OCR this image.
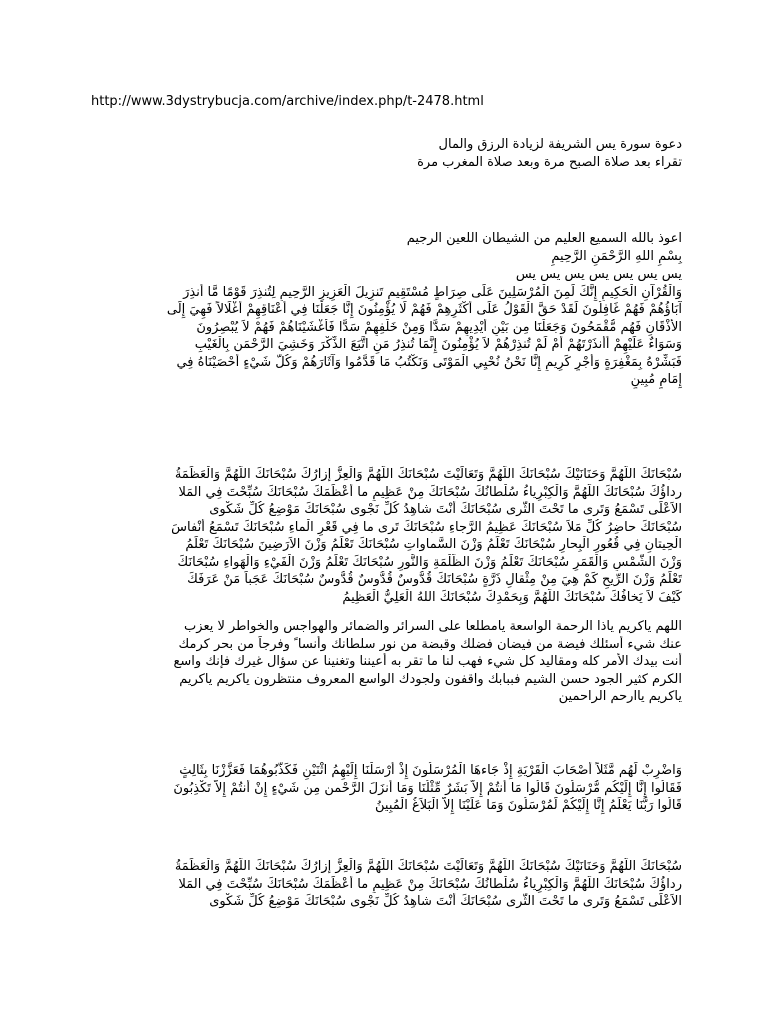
http://www.3dystrybucja.com/archive/index.php/t-2478.html

دعوة سورة يس الشريفة لزيادة الرزق والمال

تقراء بعد صلاة الصبح مرة وبعد صلاة المغرب مرة

اعوذ بالله السميع العليم من الشيطان اللعين الرجيم

بِسْمِ اللهِ الرَّحْمَنِ الرَّحِيمِ

يس يس يس يس يس يس يس

وَالْقُرْآنِ الْحَكِيمِ إِنَّكَ لَمِنَ الْمُرْسَلِينَ عَلَى صِرَاطٍ مُسْتَقِيمٍ تَنزِيلَ الْعَزِيزِ الرَّحِيمِ لِتُنذِرَ قَوْمًا مَّا أُنذِرَ

آبَاؤُهُمْ فَهُمْ غَافِلُونَ لَقَدْ حَقَّ الْقَوْلُ عَلَى أَكْثَرِهِمْ فَهُمْ لَا يُؤْمِنُونَ إِنَّا جَعَلْنَا فِي أَعْنَاقِهِمْ أَغْلَالاً فَهِيَ إِلَى

الأَذْقَانِ فَهُم مُّقْمَحُونَ وَجَعَلْنَا مِن بَيْنِ أَيْدِيهِمْ سَدًّا وَمِنْ خَلْفِهِمْ سَدًّا فَأَغْشَيْنَاهُمْ فَهُمْ لاَ يُبْصِرُونَ

وَسَوَاءٌ عَلَيْهِمْ أَأَنذَرْتَهُمْ أَمْ لَمْ تُنذِرْهُمْ لاَ يُؤْمِنُونَ إِنَّمَا تُنذِرُ مَنِ اتَّبَعَ الذِّكْرَ وَخَشِيَ الرَّحْمَن بِالْغَيْبِ

فَبَشِّرْهُ بِمَغْفِرَةٍ وَأَجْرٍ كَرِيمٍ إِنَّا نَحْنُ نُحْيِي الْمَوْتَى وَنَكْتُبُ مَا قَدَّمُوا وَآثَارَهُمْ وَكُلَّ شَيْءٍ أحْصَيْنَاهُ فِي

إِمَامٍ مُبِينٍ

سُبْحَانَكَ اللَّهُمَّ وَحَنَانَيْكَ سُبْحَانَكَ اللَّهُمَّ وَتَعَالَيْتَ سُبْحَانَكَ اللَّهُمَّ وَالْعِزُّ إزارُكَ سُبْحَانَكَ اللَّهُمَّ وَالْعَظَمَةُ

رداؤُكَ سُبْحَانَكَ اللَّهُمَّ وَالْكِبْرِياءُ سُلْطانُكَ سُبْحَانَكَ مِنْ عَظِيمٍ ما أَعْظَمَكَ سُبْحَانَكَ سُبِّحْتَ فِي المَلا

الاَعْلَى تَسْمَعُ وَتَرى ما تَحْتَ الثَّرى سُبْحَانَكَ أَنْتَ شاهِدُ كُلِّ نَجْوى سُبْحَانَكَ مَوْضِعُ كُلِّ شَكْوى

سُبْحَانَكَ حاضِرُ كُلِّ مَلاَ سُبْحَانَكَ عَظِيمُ الرَّجاءِ سُبْحَانَكَ تَرى ما فِي قَعْرِ الْماءِ سُبْحَانَكَ تَسْمَعُ أَنْفاسَ

الْحِيتانِ فِي قُعُورِ الْبِحارِ سُبْحَانَكَ تَعْلَمُ وَزْنَ السَّماواتِ سُبْحَانَكَ تَعْلَمُ وَزْنَ الاَرَضِينَ سُبْحَانَكَ تَعْلَمُ

وَزْنَ الشَّمْسِ وَالْقَمَرِ سُبْحَانَكَ تَعْلَمُ وَزْنَ الظُّلْمَةِ وَالنُّورِ سُبْحَانَكَ تَعْلَمُ وَزْنَ الْفَيْءِ وَالْهَواءِ سُبْحَانَكَ

تَعْلَمُ وَزْنَ الرِّيحِ كَمْ هِيَ مِنْ مِثْقالِ ذَرَّةٍ سُبْحَانَكَ قُدُّوسٌ قُدُّوسٌ قُدُّوسٌ سُبْحَانَكَ عَجَباً مَنْ عَرَفَكَ

كَيْفَ لاَ يَخافُكَ سُبْحَانَكَ اللَّهُمَّ وَبِحَمْدِكَ سُبْحَانَكَ اللهُ الْعَلِيُّ الْعَظِيمُ

اللهم ياكريم ياذا الرحمة الواسعة يامطلعا على السرائر والضمائر والهواجس والخواطر لا يعزب

عنك شيء أسئلك فيضة من فيضان فضلك وقبضة من نور سلطانك وأنسا ً وفرجاً من بحر كرمك

أنت بيدك الأمر كله ومقاليد كل شيء فهب لنا ما تقر به أعيننا وتغنينا عن سؤال غيرك فإنك واسع

الكرم كثير الجود حسن الشيم فببابك واقفون ولجودك الواسع المعروف منتظرون ياكريم ياكريم

ياكريم ياارحم الراحمين

وَاضْرِبْ لَهُم مَّثَلاً أَصْحَابَ الْقَرْيَةِ إِذْ جَاءهَا الْمُرْسَلُونَ إِذْ أَرْسَلْنَا إِلَيْهِمُ اثْنَيْنِ فَكَذَّبُوهُمَا فَعَزَّزْنَا بِثَالِثٍ

فَقَالُوا إِنَّا إِلَيْكُم مُّرْسَلُونَ قَالُوا مَا أَنتُمْ إِلاَّ بَشَرٌ مِّثْلُنَا وَمَا أَنزَلَ الرَّحْمن مِن شَيْءٍ إِنْ أَنتُمْ إِلاَّ تَكْذِبُونَ

قَالُوا رَبُّنَا يَعْلَمُ إِنَّا إِلَيْكُمْ لَمُرْسَلُونَ وَمَا عَلَيْنَا إِلاَّ الْبَلاَغُ الْمُبِينُ

سُبْحَانَكَ اللَّهُمَّ وَحَنَانَيْكَ سُبْحَانَكَ اللَّهُمَّ وَتَعَالَيْتَ سُبْحَانَكَ اللَّهُمَّ وَالْعِزُّ إزارُكَ سُبْحَانَكَ اللَّهُمَّ وَالْعَظَمَةُ

رداؤُكَ سُبْحَانَكَ اللَّهُمَّ وَالْكِبْرِياءُ سُلْطانُكَ سُبْحَانَكَ مِنْ عَظِيمٍ ما أَعْظَمَكَ سُبْحَانَكَ سُبِّحْتَ فِي المَلا

الاَعْلَى تَسْمَعُ وَتَرى ما تَحْتَ الثَّرى سُبْحَانَكَ أَنْتَ شاهِدُ كُلِّ نَجْوى سُبْحَانَكَ مَوْضِعُ كُلِّ شَكْوى
